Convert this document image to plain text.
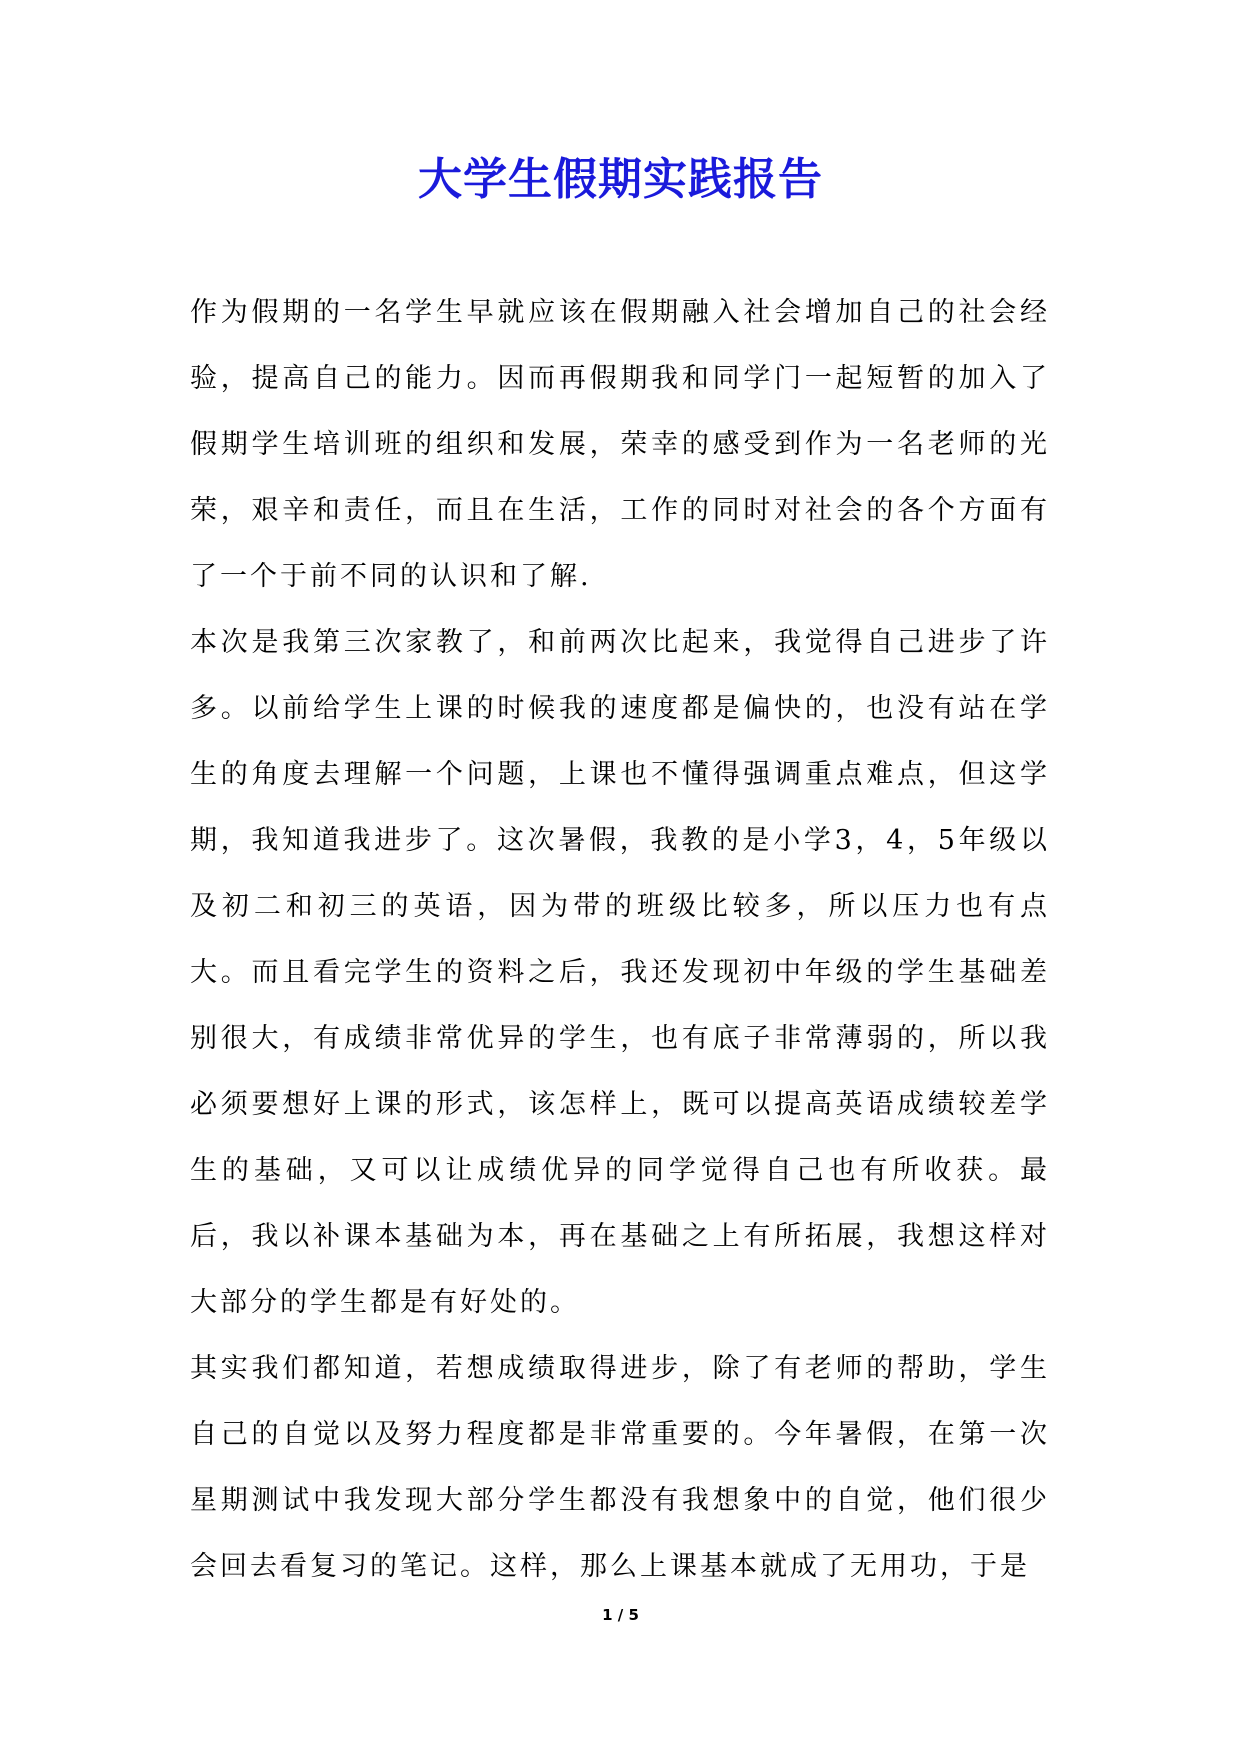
大学生假期实践报告

作为假期的一名学生早就应该在假期融入社会增加自己的社会经验，提高自己的能力。因而再假期我和同学门一起短暂的加入了假期学生培训班的组织和发展，荣幸的感受到作为一名老师的光荣，艰辛和责任，而且在生活，工作的同时对社会的各个方面有了一个于前不同的认识和了解.

本次是我第三次家教了，和前两次比起来，我觉得自己进步了许多。以前给学生上课的时候我的速度都是偏快的，也没有站在学生的角度去理解一个问题，上课也不懂得强调重点难点，但这学期，我知道我进步了。这次暑假，我教的是小学3，4，5年级以及初二和初三的英语，因为带的班级比较多，所以压力也有点大。而且看完学生的资料之后，我还发现初中年级的学生基础差别很大，有成绩非常优异的学生，也有底子非常薄弱的，所以我必须要想好上课的形式，该怎样上，既可以提高英语成绩较差学生的基础，又可以让成绩优异的同学觉得自己也有所收获。最后，我以补课本基础为本，再在基础之上有所拓展，我想这样对大部分的学生都是有好处的。

其实我们都知道，若想成绩取得进步，除了有老师的帮助，学生自己的自觉以及努力程度都是非常重要的。今年暑假，在第一次星期测试中我发现大部分学生都没有我想象中的自觉，他们很少会回去看复习的笔记。这样，那么上课基本就成了无用功，于是

1 / 5
